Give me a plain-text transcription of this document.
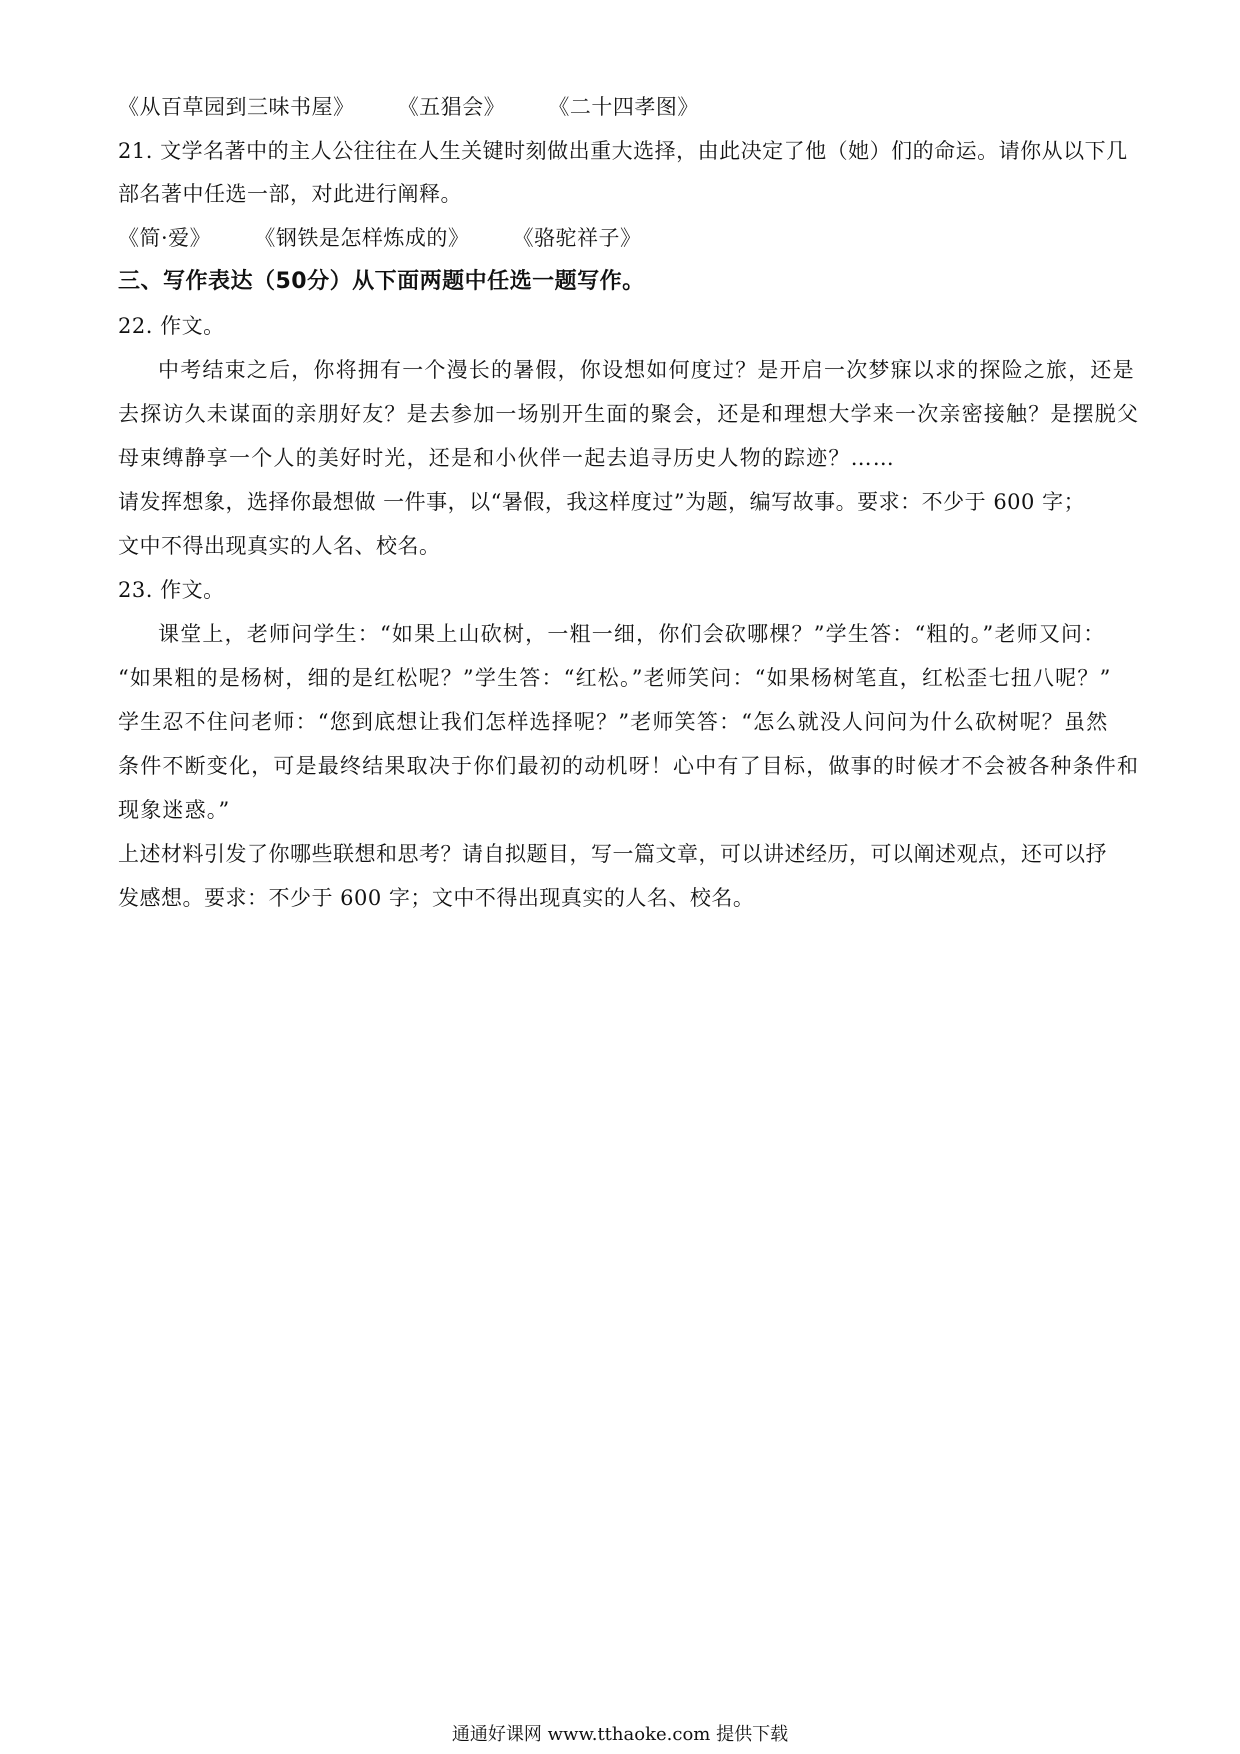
《从百草园到三味书屋》 《五猖会》 《二十四孝图》
21. 文学名著中的主人公往往在人生关键时刻做出重大选择，由此决定了他（她）们的命运。请你从以下几
部名著中任选一部，对此进行阐释。
《简·爱》 《钢铁是怎样炼成的》 《骆驼祥子》
三、写作表达（50分）从下面两题中任选一题写作。
22. 作文。
中考结束之后，你将拥有一个漫长的暑假，你设想如何度过？是开启一次梦寐以求的探险之旅，还是
去探访久未谋面的亲朋好友？是去参加一场别开生面的聚会，还是和理想大学来一次亲密接触？是摆脱父
母束缚静享一个人的美好时光，还是和小伙伴一起去追寻历史人物的踪迹？……
请发挥想象，选择你最想做 一件事，以“暑假，我这样度过”为题，编写故事。要求：不少于 600 字；
文中不得出现真实的人名、校名。
23. 作文。
课堂上，老师问学生：“如果上山砍树，一粗一细，你们会砍哪棵？”学生答：“粗的。”老师又问：
“如果粗的是杨树，细的是红松呢？”学生答：“红松。”老师笑问：“如果杨树笔直，红松歪七扭八呢？”
学生忍不住问老师：“您到底想让我们怎样选择呢？”老师笑答：“怎么就没人问问为什么砍树呢？虽然
条件不断变化，可是最终结果取决于你们最初的动机呀！心中有了目标，做事的时候才不会被各种条件和
现象迷惑。”
上述材料引发了你哪些联想和思考？请自拟题目，写一篇文章，可以讲述经历，可以阐述观点，还可以抒
发感想。要求：不少于 600 字；文中不得出现真实的人名、校名。
通通好课网 www.tthaoke.com 提供下载
